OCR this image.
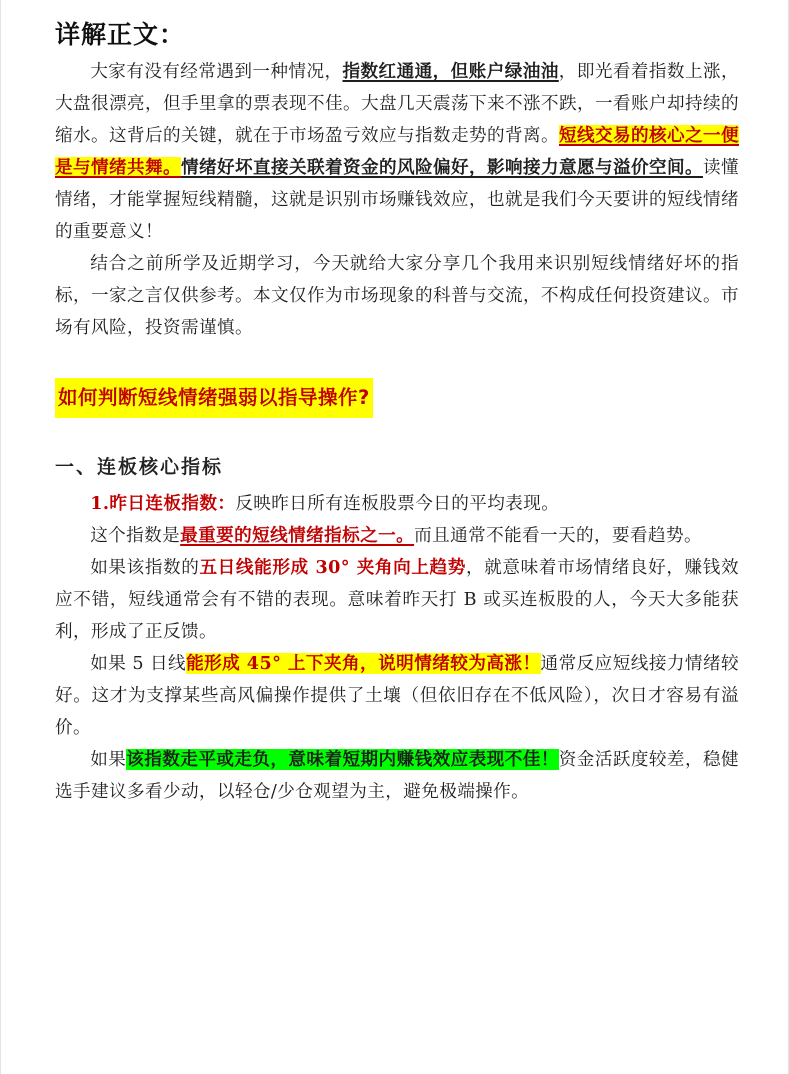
详解正文：

大家有没有经常遇到一种情况，指数红通通，但账户绿油油，即光看着指数上涨，大盘很漂亮，但手里拿的票表现不佳。大盘几天震荡下来不涨不跌，一看账户却持续的缩水。这背后的关键，就在于市场盈亏效应与指数走势的背离。短线交易的核心之一便是与情绪共舞。情绪好坏直接关联着资金的风险偏好，影响接力意愿与溢价空间。读懂情绪，才能掌握短线精髓，这就是识别市场赚钱效应，也就是我们今天要讲的短线情绪的重要意义！

结合之前所学及近期学习，今天就给大家分享几个我用来识别短线情绪好坏的指标，一家之言仅供参考。本文仅作为市场现象的科普与交流，不构成任何投资建议。市场有风险，投资需谨慎。

如何判断短线情绪强弱以指导操作?
一、连板核心指标

1.昨日连板指数：反映昨日所有连板股票今日的平均表现。

这个指数是最重要的短线情绪指标之一。而且通常不能看一天的，要看趋势。

如果该指数的五日线能形成 30° 夹角向上趋势，就意味着市场情绪良好，赚钱效应不错，短线通常会有不错的表现。意味着昨天打 B 或买连板股的人，今天大多能获利，形成了正反馈。

如果 5 日线能形成 45° 上下夹角，说明情绪较为高涨！通常反应短线接力情绪较好。这才为支撑某些高风偏操作提供了土壤（但依旧存在不低风险），次日才容易有溢价。

如果该指数走平或走负，意味着短期内赚钱效应表现不佳！资金活跃度较差，稳健选手建议多看少动，以轻仓/少仓观望为主，避免极端操作。
